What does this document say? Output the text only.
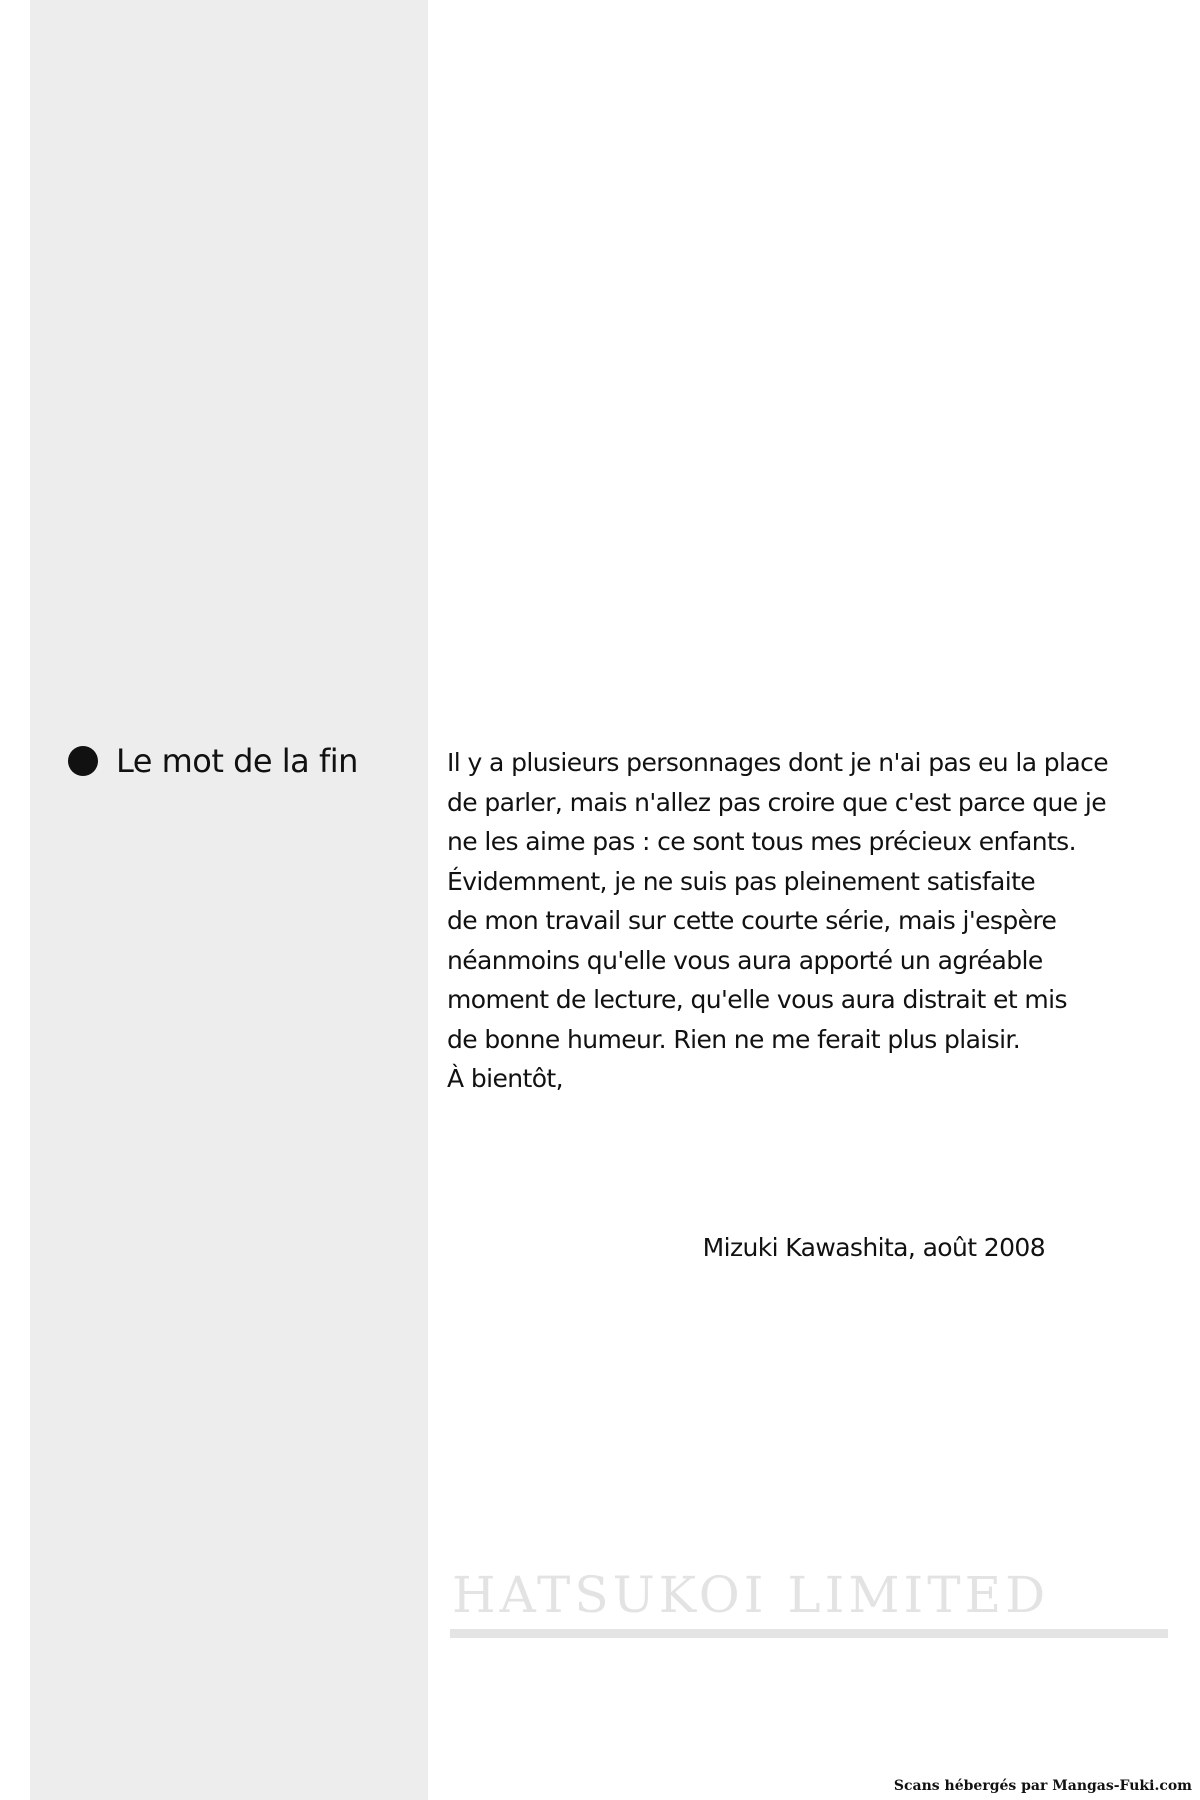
Le mot de la fin	Il y a plusieurs personnages dont je n'ai pas eu la place
de parler, mais n'allez pas croire que c'est parce que je
ne les aime pas : ce sont tous mes précieux enfants.
Évidemment, je ne suis pas pleinement satisfaite
de mon travail sur cette courte série, mais j'espère
néanmoins qu'elle vous aura apporté un agréable
moment de lecture, qu'elle vous aura distrait et mis
de bonne humeur. Rien ne me ferait plus plaisir.
À bientôt,
Mizuki Kawashita, août 2008
Scans hébergés par Mangas-Fuki.com
HATSUKOI LIMITED
